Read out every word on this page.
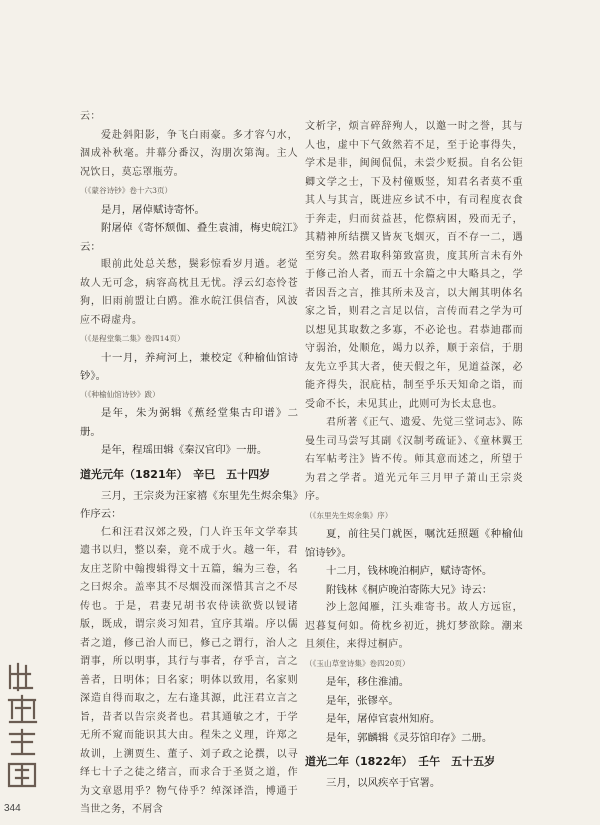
云：

爱赴斜阳影，争飞白雨豪。多才容勺水，涸成补秋毫。井幕分番汉，沟朋次第淘。主人况饮日，莫忘罩瓶劳。

（《蒙谷诗钞》卷十六3页）

是月，屠倬赋诗寄怀。

附屠倬《寄怀颓伽、叠生袁浦，梅史皖江》云：

眼前此处总关愁，鬓彩惊看岁月遒。老觉故人无可念，病容高枕且无忧。浮云幻态怜苍狗，旧雨前盟让白鸥。淮水皖江俱信杳，风波应不碍虚舟。

（《是程堂集二集》卷四14页）

十一月，养疴河上，兼校定《种榆仙馆诗钞》。

（《种榆仙馆诗钞》跋）

是年，朱为弼辑《蕉经堂集古印谱》二册。

是年，程瑶田辑《秦汉官印》一册。

道光元年（1821年）　辛巳　五十四岁

三月，王宗炎为汪家禧《东里先生烬余集》作序云：

仁和汪君汉郊之殁，门人许玉年文学奉其遗书以归，整以秦，竟不成于火。越一年，君友庄芝阶中翰搜辑得文十五篇，编为三卷，名之曰烬余。盖率其不尽烟没而深惜其言之不尽传也。于是，君妻兄胡书农侍读欲赀以锓诸版，既成，谓宗炎习知君，宜序其端。序以儒者之道，修己治人而已，修己之谓行，治人之谓事，所以明事，其行与事者，存乎言，言之善者，日明体；日名家；明体以致用，名家则深造自得而取之，左右逢其源，此汪君立言之旨，昔者以告宗炎者也。君其通敏之才，于学无所不窥而能识其大由。程朱之义理，许郑之故训，上溯贾生、董子、刘子政之论撰，以寻绎七十子之徒之绪言，而求合于圣贤之道，作为文章恩用乎？物气侍乎？绰深译浩，博通于当世之务，不屑含

文析字，烦言碎辞殉人，以邀一时之誉，其与人也，虚中下气敛然若不足，至于论事得失，学术是非，闽闽侃侃，未尝少贬损。自名公钜卿文学之士，下及村僮贩竖，知君名者莫不重其人与其言，既进应乡试不中，有司程度衣食于奔走，归而贫益甚，佗傺病困，殁而无子，其精神所结撰又皆灰飞烟灭，百不存一二，遇至穷矣。然君取科第致富贵，度其所言未有外于修己治人者，而五十余篇之中大略具之，学者因吾之言，推其所未及言，以大阐其明体名家之旨，则君之言足以信，言传而君之学为可以想见其取数之多寡，不必论也。君恭迪郡而守弱治，处顺危，竭力以养，顺于亲信，于朋友先立乎其大者，使天假之年，见道益深，必能齐得失，泯庇枯，制至乎乐天知命之诣，而受命不长，未见其止，此则可为长太息也。

君所著《正气、遗爱、先觉三堂词志》、陈曼生司马尝写其副《汉制考疏证》、《童林翼王右军帖考注》皆不传。师其意而述之，所望于为君之学者。道光元年三月甲子萧山王宗炎序。

（《东里先生烬余集》序）

夏，前往吴门就医，嘱沈廷照题《种榆仙馆诗钞》。

十二月，钱林晚泊桐庐，赋诗寄怀。

附钱林《桐庐晚泊寄陈大兄》诗云：

沙上忽闻雁，江头难寄书。故人方远宦，迟暮复何如。倚枕乡初近，挑灯梦欲除。潮来且须住，来得过桐庐。

（《玉山草堂诗集》卷四20页）

是年，移住淮浦。

是年，张镠卒。

是年，屠倬官袁州知府。

是年，郭麟辑《灵芬馆印存》二册。

道光二年（1822年）　壬午　五十五岁

三月，以风疾卒于官署。

344
